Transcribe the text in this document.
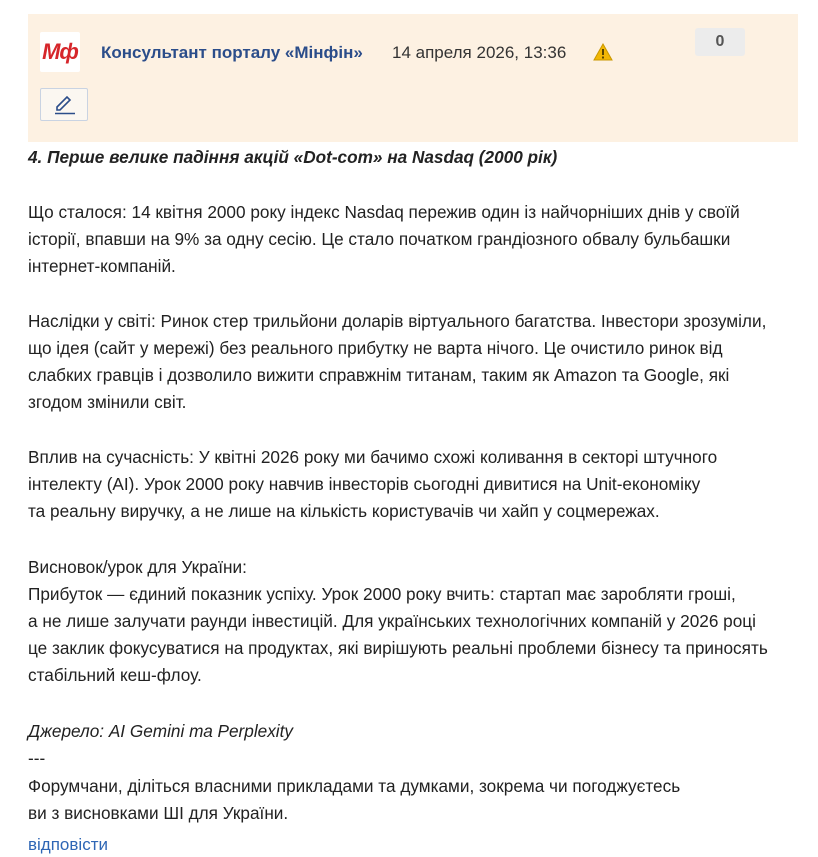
Мф Консультант порталу «Мінфін» 14 апреля 2026, 13:36
0
4. Перше велике падіння акцій «Dot-com» на Nasdaq (2000 рік)
Що сталося: 14 квітня 2000 року індекс Nasdaq пережив один із найчорніших днів у своїй
історії, впавши на 9% за одну сесію. Це стало початком грандіозного обвалу бульбашки
інтернет-компаній.
Наслідки у світі: Ринок стер трильйони доларів віртуального багатства. Інвестори зрозуміли,
що ідея (сайт у мережі) без реального прибутку не варта нічого. Це очистило ринок від
слабких гравців і дозволило вижити справжнім титанам, таким як Amazon та Google, які
згодом змінили світ.
Вплив на сучасність: У квітні 2026 року ми бачимо схожі коливання в секторі штучного
інтелекту (AI). Урок 2000 року навчив інвесторів сьогодні дивитися на Unit-економіку
та реальну виручку, а не лише на кількість користувачів чи хайп у соцмережах.
Висновок/урок для України:
Прибуток — єдиний показник успіху. Урок 2000 року вчить: стартап має заробляти гроші,
а не лише залучати раунди інвестицій. Для українських технологічних компаній у 2026 році
це заклик фокусуватися на продуктах, які вирішують реальні проблеми бізнесу та приносять
стабільний кеш-флоу.
Джерело: AI Gemini та Perplexity
---
Форумчани, діліться власними прикладами та думками, зокрема чи погоджуєтесь
ви з висновками ШІ для України.
відповісти
